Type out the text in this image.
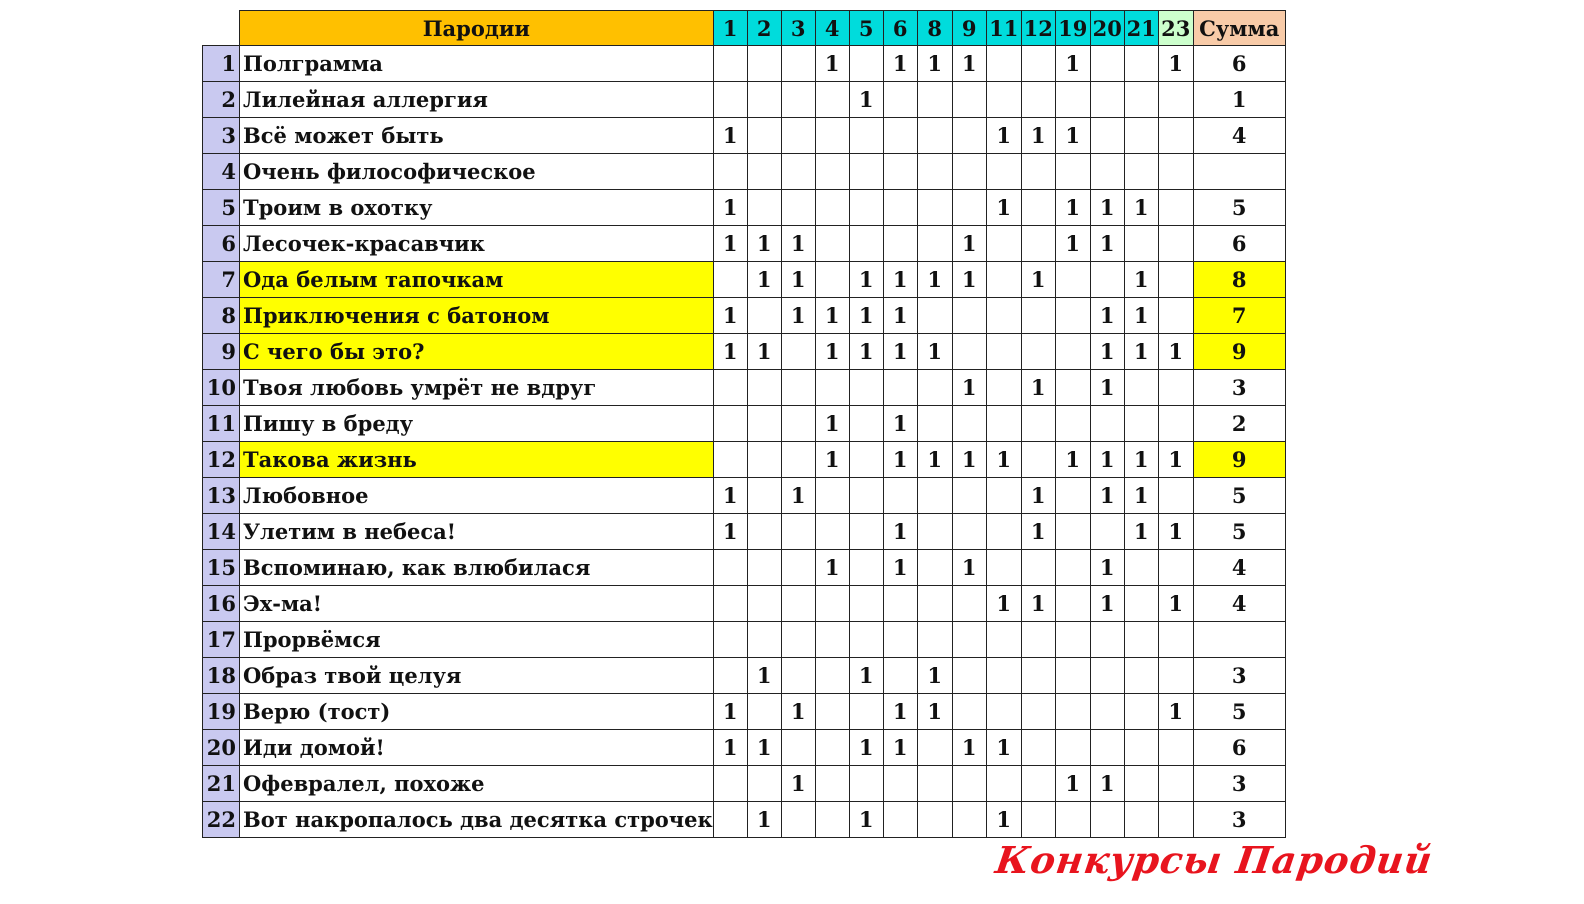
	Пародии	1	2	3	4	5	6	8	9	11	12	19	20	21	23	Сумма
1	Полграмма				1		1	1	1			1			1	6
2	Лилейная аллергия					1										1
3	Всё может быть	1								1	1	1				4
4	Очень философическое															
5	Троим в охотку	1								1		1	1	1		5
6	Лесочек-красавчик	1	1	1					1			1	1			6
7	Ода белым тапочкам		1	1		1	1	1	1		1			1		8
8	Приключения с батоном	1		1	1	1	1						1	1		7
9	С чего бы это?	1	1		1	1	1	1					1	1	1	9
10	Твоя любовь умрёт не вдруг								1		1		1			3
11	Пишу в бреду				1		1									2
12	Такова жизнь				1		1	1	1	1		1	1	1	1	9
13	Любовное	1		1							1		1	1		5
14	Улетим в небеса!	1					1				1			1	1	5
15	Вспоминаю, как влюбилася				1		1		1				1			4
16	Эх-ма!									1	1		1		1	4
17	Прорвёмся															
18	Образ твой целуя		1			1		1								3
19	Верю (тост)	1		1			1	1							1	5
20	Иди домой!	1	1			1	1		1	1						6
21	Офевралел, похоже			1								1	1			3
22	Вот накропалось два десятка строчек		1			1				1						3
Конкурсы Пародий
